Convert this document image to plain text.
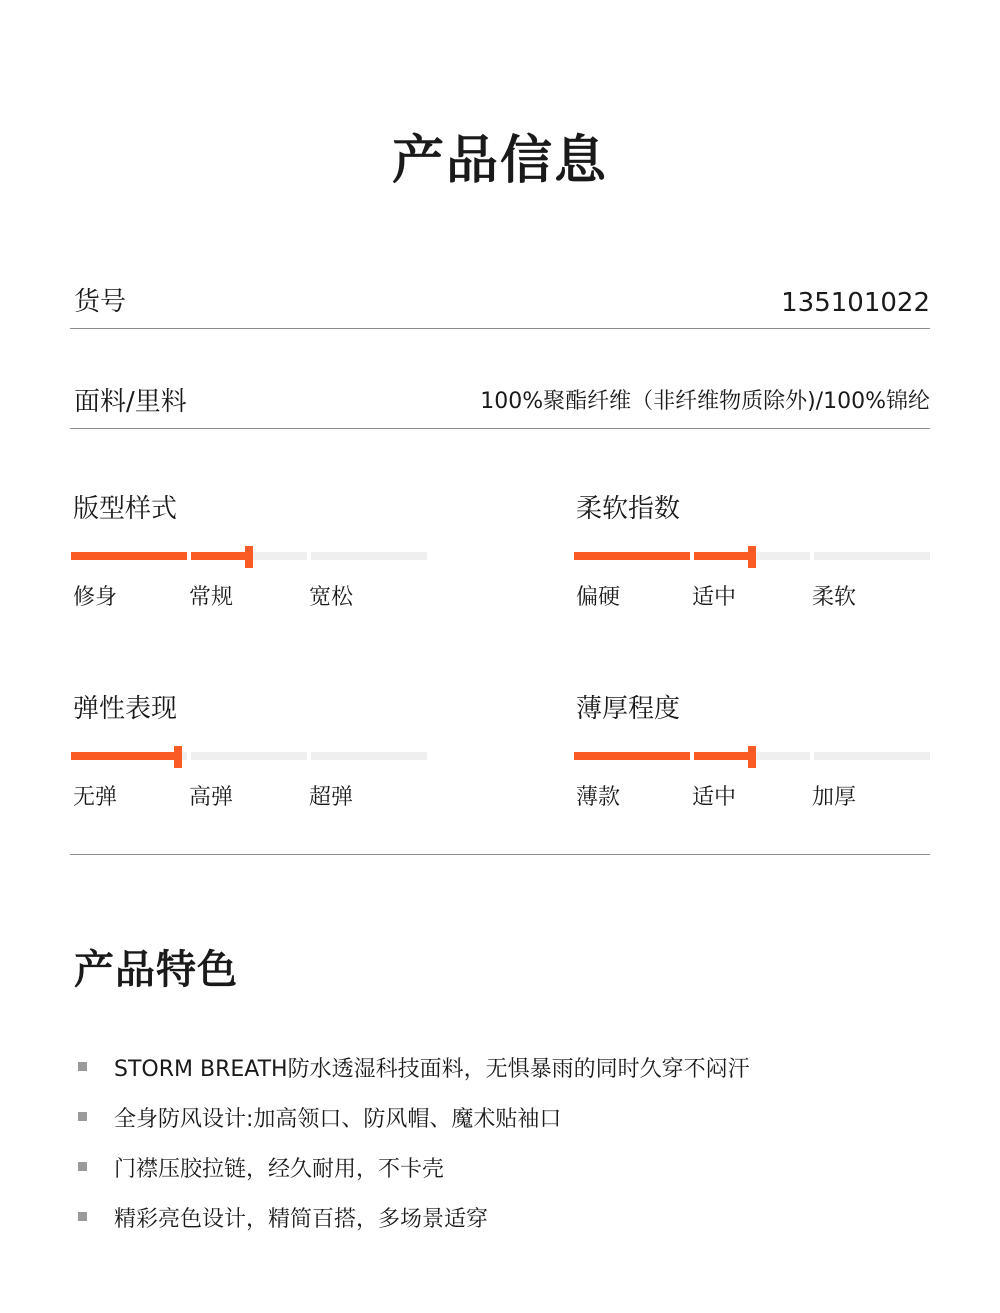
产品信息
货号	135101022
面料/里料	100%聚酯纤维（非纤维物质除外)/100%锦纶
版型样式
修身	常规	宽松
柔软指数
偏硬	适中	柔软
弹性表现
无弹	高弹	超弹
薄厚程度
薄款	适中	加厚
产品特色
STORM BREATH防水透湿科技面料，无惧暴雨的同时久穿不闷汗
全身防风设计:加高领口、防风帽、魔术贴袖口
门襟压胶拉链，经久耐用，不卡壳
精彩亮色设计，精简百搭，多场景适穿
